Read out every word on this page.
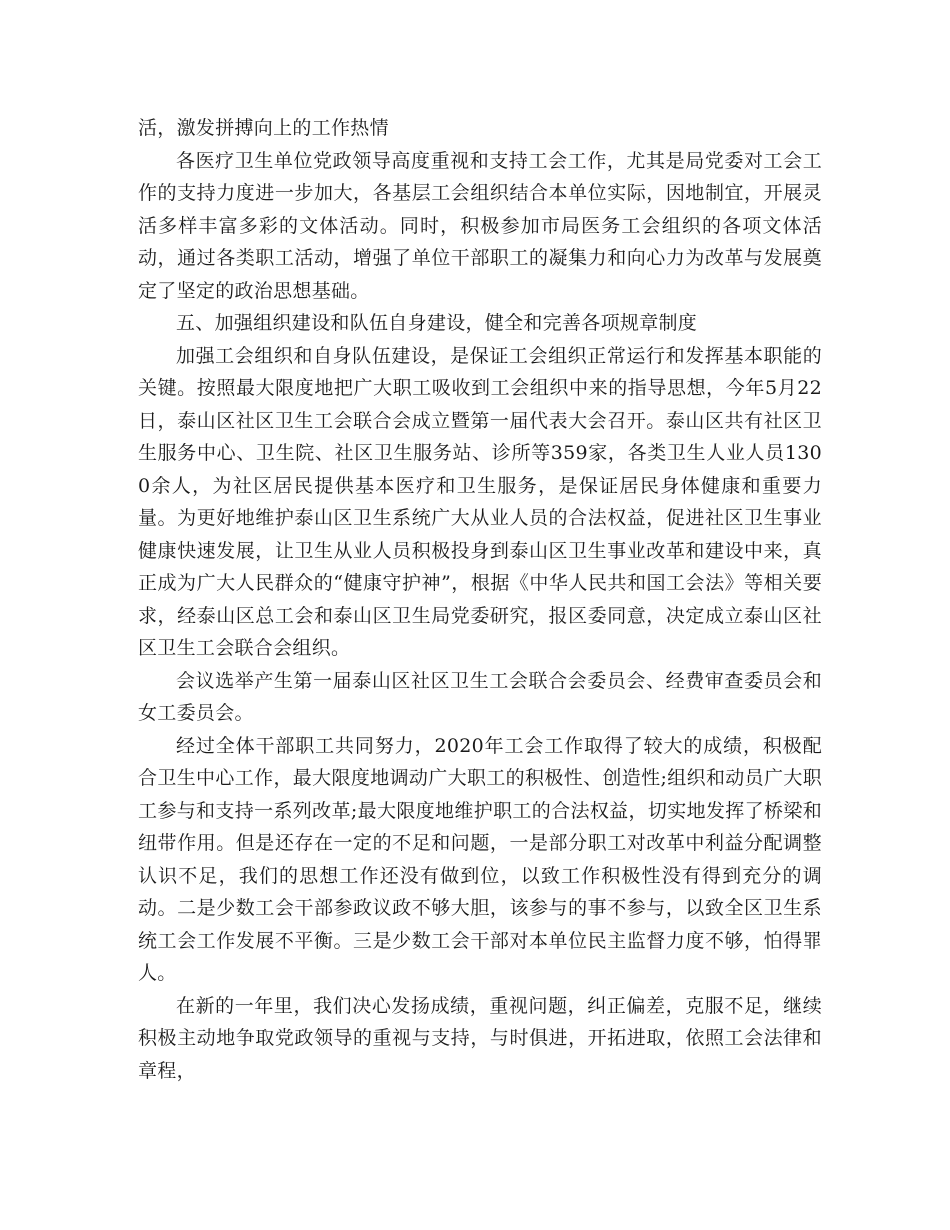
活，激发拼搏向上的工作热情

各医疗卫生单位党政领导高度重视和支持工会工作，尤其是局党委对工会工作的支持力度进一步加大，各基层工会组织结合本单位实际，因地制宜，开展灵活多样丰富多彩的文体活动。同时，积极参加市局医务工会组织的各项文体活动，通过各类职工活动，增强了单位干部职工的凝集力和向心力为改革与发展奠定了坚定的政治思想基础。

五、加强组织建设和队伍自身建设，健全和完善各项规章制度

加强工会组织和自身队伍建设，是保证工会组织正常运行和发挥基本职能的关键。按照最大限度地把广大职工吸收到工会组织中来的指导思想，今年5月22日，泰山区社区卫生工会联合会成立暨第一届代表大会召开。泰山区共有社区卫生服务中心、卫生院、社区卫生服务站、诊所等359家，各类卫生人业人员1300余人，为社区居民提供基本医疗和卫生服务，是保证居民身体健康和重要力量。为更好地维护泰山区卫生系统广大从业人员的合法权益，促进社区卫生事业健康快速发展，让卫生从业人员积极投身到泰山区卫生事业改革和建设中来，真正成为广大人民群众的“健康守护神”，根据《中华人民共和国工会法》等相关要求，经泰山区总工会和泰山区卫生局党委研究，报区委同意，决定成立泰山区社区卫生工会联合会组织。

会议选举产生第一届泰山区社区卫生工会联合会委员会、经费审查委员会和女工委员会。

经过全体干部职工共同努力，2020年工会工作取得了较大的成绩，积极配合卫生中心工作，最大限度地调动广大职工的积极性、创造性;组织和动员广大职工参与和支持一系列改革;最大限度地维护职工的合法权益，切实地发挥了桥梁和纽带作用。但是还存在一定的不足和问题，一是部分职工对改革中利益分配调整认识不足，我们的思想工作还没有做到位，以致工作积极性没有得到充分的调动。二是少数工会干部参政议政不够大胆，该参与的事不参与，以致全区卫生系统工会工作发展不平衡。三是少数工会干部对本单位民主监督力度不够，怕得罪人。

在新的一年里，我们决心发扬成绩，重视问题，纠正偏差，克服不足，继续积极主动地争取党政领导的重视与支持，与时俱进，开拓进取，依照工会法律和章程，
